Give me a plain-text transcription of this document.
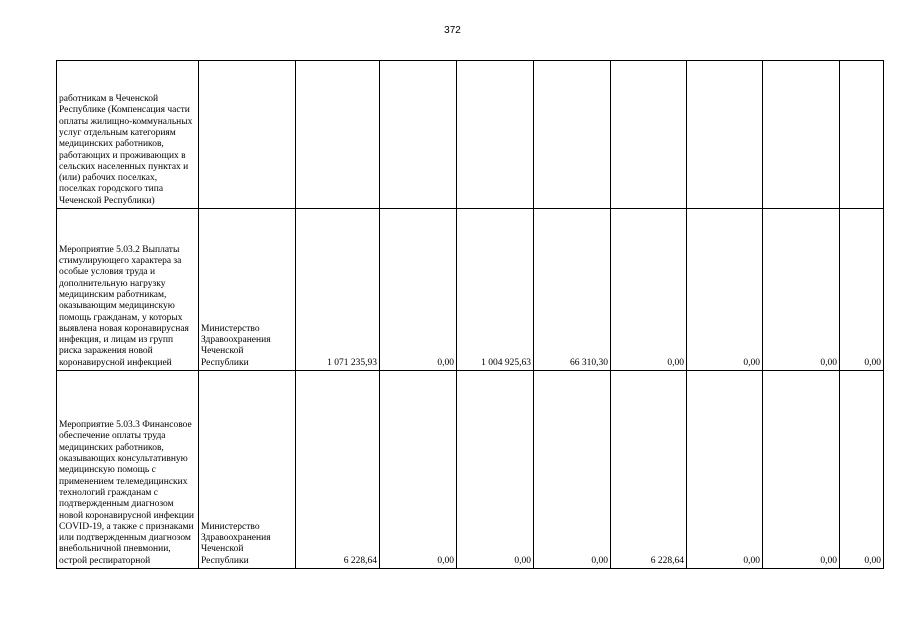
372
работникам в Чеченской Республике (Компенсация части оплаты жилищно-коммунальных услуг отдельным категориям медицинских работников, работающих и проживающих в сельских населенных пунктах и (или) рабочих поселках, поселках городского типа Чеченской Республики)									
Мероприятие 5.03.2 Выплаты стимулирующего характера за особые условия труда и дополнительную нагрузку медицинским работникам, оказывающим медицинскую помощь гражданам, у которых выявлена новая коронавирусная инфекция, и лицам из групп риска заражения новой коронавирусной инфекцией	Министерство Здравоохранения Чеченской Республики	1 071 235,93	0,00	1 004 925,63	66 310,30	0,00	0,00	0,00	0,00
Мероприятие 5.03.3 Финансовое обеспечение оплаты труда медицинских работников, оказывающих консультативную медицинскую помощь с применением телемедицинских технологий гражданам с подтвержденным диагнозом новой коронавирусной инфекции COVID-19, а также с признаками или подтвержденным диагнозом внебольничной пневмонии, острой респираторной	Министерство Здравоохранения Чеченской Республики	6 228,64	0,00	0,00	0,00	6 228,64	0,00	0,00	0,00
